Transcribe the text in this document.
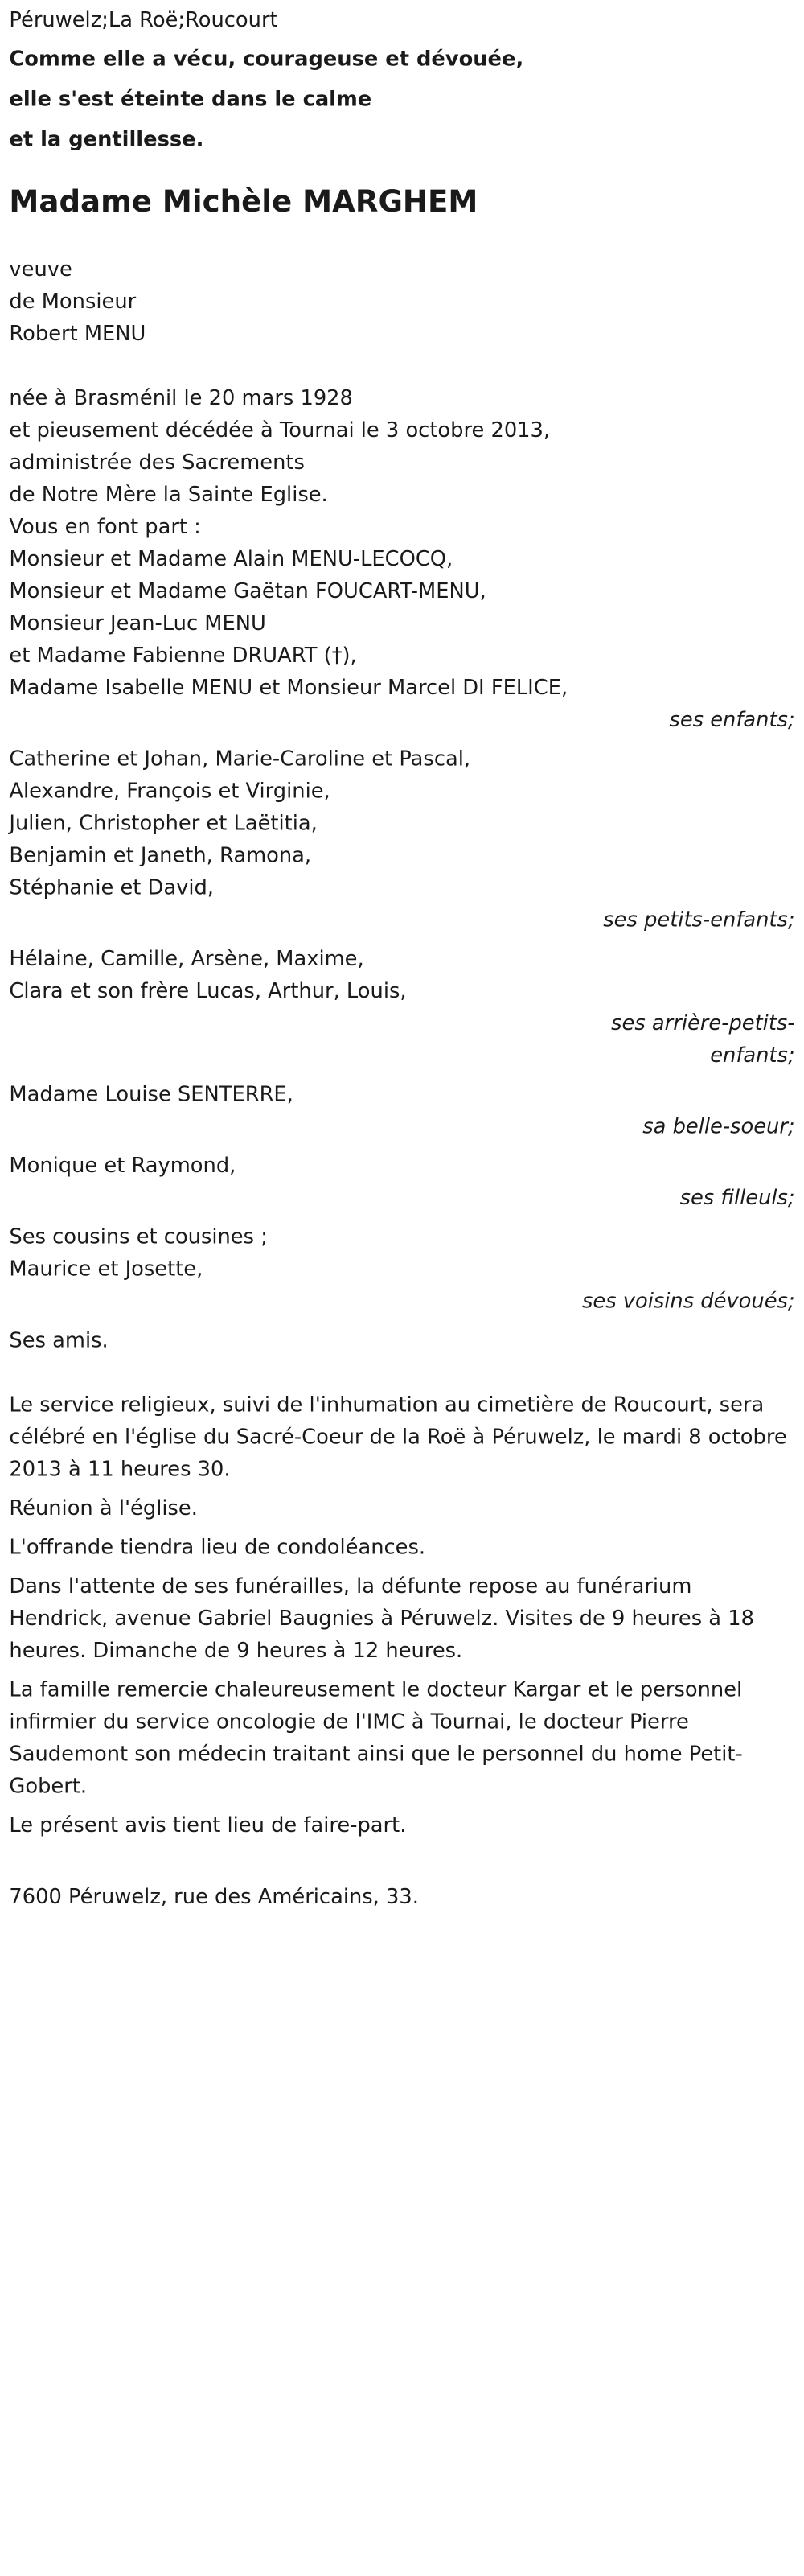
Péruwelz;La Roë;Roucourt
Comme elle a vécu, courageuse et dévouée,
elle s'est éteinte dans le calme
et la gentillesse.
Madame Michèle MARGHEM
veuve
de Monsieur
Robert MENU
née à Brasménil le 20 mars 1928
et pieusement décédée à Tournai le 3 octobre 2013,
administrée des Sacrements
de Notre Mère la Sainte Eglise.
Vous en font part :
Monsieur et Madame Alain MENU-LECOCQ,
Monsieur et Madame Gaëtan FOUCART-MENU,
Monsieur Jean-Luc MENU
et Madame Fabienne DRUART (†),
Madame Isabelle MENU et Monsieur Marcel DI FELICE,
ses enfants;
Catherine et Johan, Marie-Caroline et Pascal,
Alexandre, François et Virginie,
Julien, Christopher et Laëtitia,
Benjamin et Janeth, Ramona,
Stéphanie et David,
ses petits-enfants;
Hélaine, Camille, Arsène, Maxime,
Clara et son frère Lucas, Arthur, Louis,
ses arrière-petits-
enfants;
Madame Louise SENTERRE,
sa belle-soeur;
Monique et Raymond,
ses filleuls;
Ses cousins et cousines ;
Maurice et Josette,
ses voisins dévoués;
Ses amis.
Le service religieux, suivi de l'inhumation au cimetière de Roucourt, sera célébré en l'église du Sacré-Coeur de la Roë à Péruwelz, le mardi 8 octobre 2013 à 11 heures 30.
Réunion à l'église.
L'offrande tiendra lieu de condoléances.
Dans l'attente de ses funérailles, la défunte repose au funérarium Hendrick, avenue Gabriel Baugnies à Péruwelz. Visites de 9 heures à 18 heures. Dimanche de 9 heures à 12 heures.
La famille remercie chaleureusement le docteur Kargar et le personnel infirmier du service oncologie de l'IMC à Tournai, le docteur Pierre Saudemont son médecin traitant ainsi que le personnel du home Petit-Gobert.
Le présent avis tient lieu de faire-part.
7600 Péruwelz, rue des Américains, 33.
